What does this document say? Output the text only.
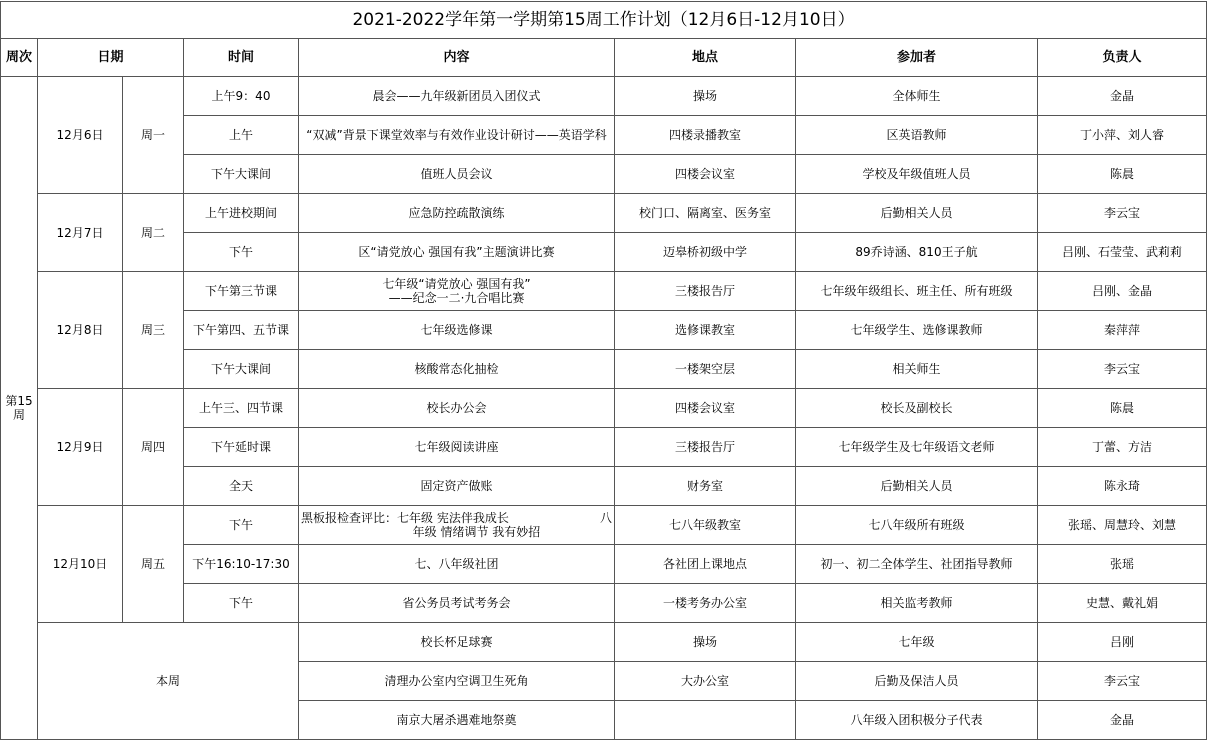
2021-2022学年第一学期第15周工作计划（12月6日-12月10日）							
周次	日期		时间	内容	地点	参加者	负责人
第15周	12月6日	周一	上午9：40	晨会——九年级新团员入团仪式	操场	全体师生	金晶
			上午	“双减”背景下课堂效率与有效作业设计研讨——英语学科	四楼录播教室	区英语教师	丁小萍、刘人睿
			下午大课间	值班人员会议	四楼会议室	学校及年级值班人员	陈晨
	12月7日	周二	上午进校期间	应急防控疏散演练	校门口、隔离室、医务室	后勤相关人员	李云宝
			下午	区“请党放心 强国有我”主题演讲比赛	迈皋桥初级中学	89乔诗涵、810王子航	吕刚、石莹莹、武莉莉
	12月8日	周三	下午第三节课	七年级“请党放心 强国有我”
——纪念一二·九合唱比赛	三楼报告厅	七年级年级组长、班主任、所有班级	吕刚、金晶
			下午第四、五节课	七年级选修课	选修课教室	七年级学生、选修课教师	秦萍萍
			下午大课间	核酸常态化抽检	一楼架空层	相关师生	李云宝
	12月9日	周四	上午三、四节课	校长办公会	四楼会议室	校长及副校长	陈晨
			下午延时课	七年级阅读讲座	三楼报告厅	七年级学生及七年级语文老师	丁蕾、方洁
			全天	固定资产做账	财务室	后勤相关人员	陈永琦
	12月10日	周五	下午	黑板报检查评比：七年级 宪法伴我成长 八
年级 情绪调节 我有妙招	七八年级教室	七八年级所有班级	张瑶、周慧玲、刘慧
			下午16:10-17:30	七、八年级社团	各社团上课地点	初一、初二全体学生、社团指导教师	张瑶
			下午	省公务员考试考务会	一楼考务办公室	相关监考教师	史慧、戴礼娟
	本周			校长杯足球赛	操场	七年级	吕刚
				清理办公室内空调卫生死角	大办公室	后勤及保洁人员	李云宝
				南京大屠杀遇难地祭奠		八年级入团积极分子代表	金晶
